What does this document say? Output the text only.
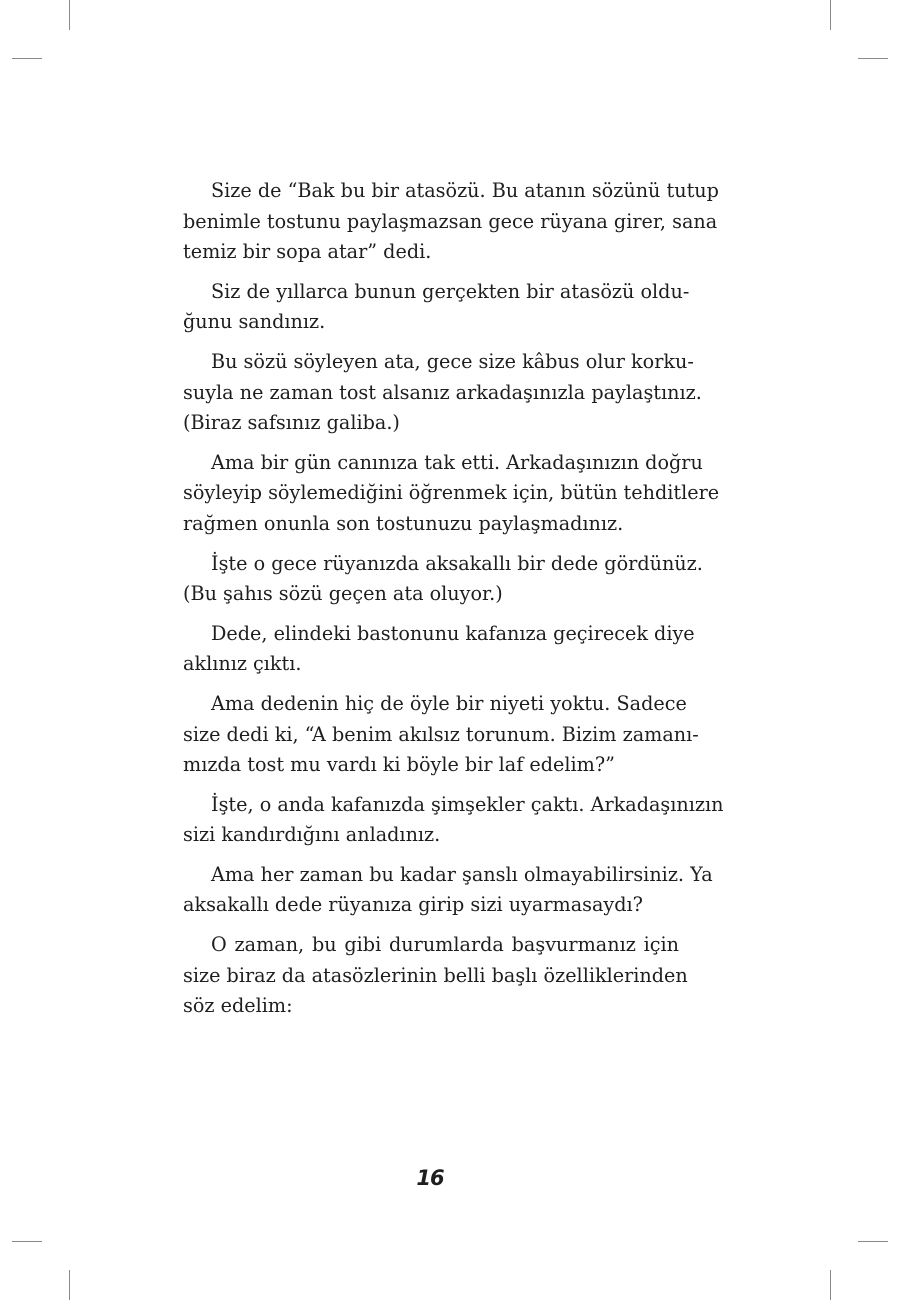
Size de “Bak bu bir atasözü. Bu atanın sözünü tutup
benimle tostunu paylaşmazsan gece rüyana girer, sana
temiz bir sopa atar” dedi.

Siz de yıllarca bunun gerçekten bir atasözü oldu-
ğunu sandınız.

Bu sözü söyleyen ata, gece size kâbus olur korku-
suyla ne zaman tost alsanız arkadaşınızla paylaştınız.
(Biraz safsınız galiba.)

Ama bir gün canınıza tak etti. Arkadaşınızın doğru
söyleyip söylemediğini öğrenmek için, bütün tehditlere
rağmen onunla son tostunuzu paylaşmadınız.

İşte o gece rüyanızda aksakallı bir dede gördünüz.
(Bu şahıs sözü geçen ata oluyor.)

Dede, elindeki bastonunu kafanıza geçirecek diye
aklınız çıktı.

Ama dedenin hiç de öyle bir niyeti yoktu. Sadece
size dedi ki, “A benim akılsız torunum. Bizim zamanı-
mızda tost mu vardı ki böyle bir laf edelim?”

İşte, o anda kafanızda şimşekler çaktı. Arkadaşınızın
sizi kandırdığını anladınız.

Ama her zaman bu kadar şanslı olmayabilirsiniz. Ya
aksakallı dede rüyanıza girip sizi uyarmasaydı?

O zaman, bu gibi durumlarda başvurmanız için
size biraz da atasözlerinin belli başlı özelliklerinden
söz edelim:

16
